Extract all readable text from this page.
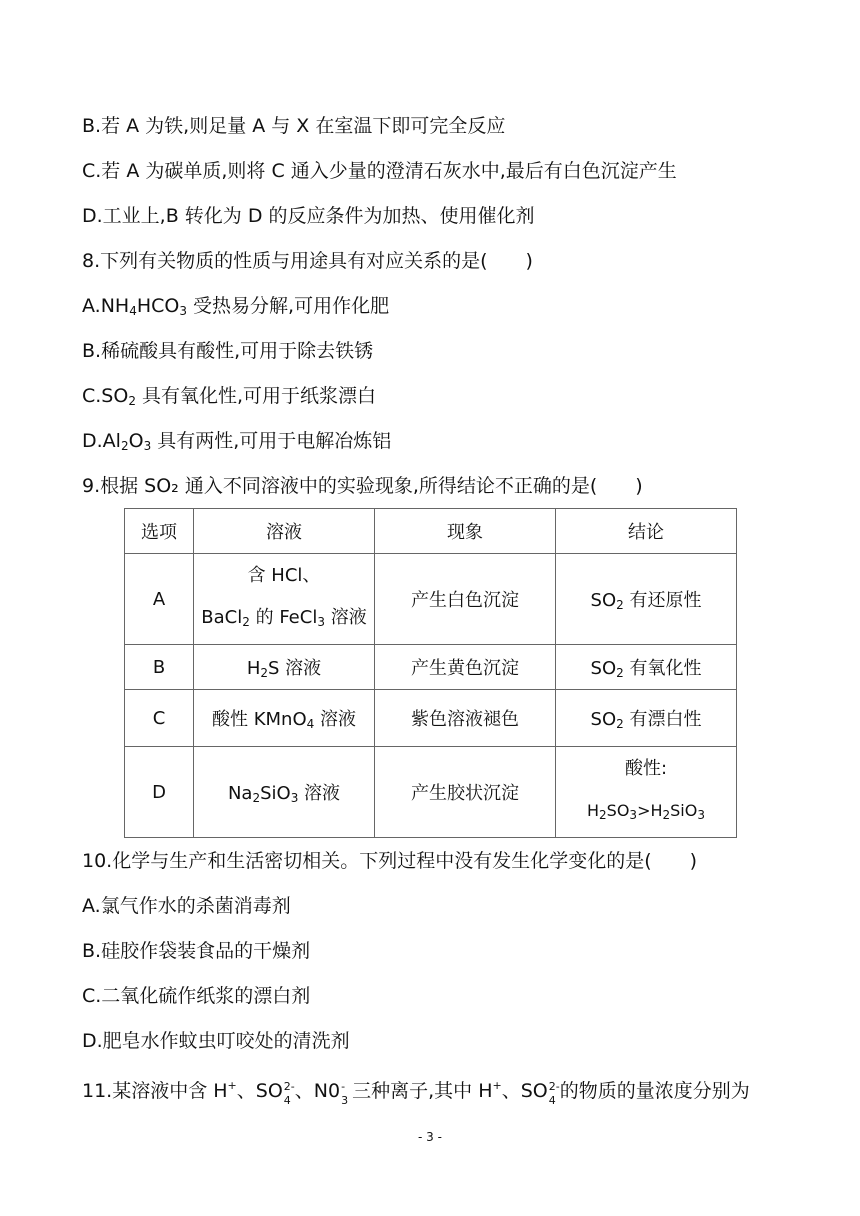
B.若 A 为铁,则足量 A 与 X 在室温下即可完全反应
C.若 A 为碳单质,则将 C 通入少量的澄清石灰水中,最后有白色沉淀产生
D.工业上,B 转化为 D 的反应条件为加热、使用催化剂
8.下列有关物质的性质与用途具有对应关系的是(　　)
$A.NH_4HCO_3$ 受热易分解,可用作化肥
B.稀硫酸具有酸性,可用于除去铁锈
$C.SO_2$ 具有氧化性,可用于纸浆漂白
$D.Al_2O_3$ 具有两性,可用于电解冶炼铝
9.根据 SO₂ 通入不同溶液中的实验现象,所得结论不正确的是(　　)
选项	溶液	现象	结论
A	含 HCl、
BaCl$_2$ 的 FeCl$_3$ 溶液	产生白色沉淀	$SO_2$ 有还原性
B	$H_2S$ 溶液	产生黄色沉淀	$SO_2$ 有氧化性
C	酸性 KMnO$_4$ 溶液	紫色溶液褪色	$SO_2$ 有漂白性
D	$Na_2SiO_3$ 溶液	产生胶状沉淀	酸性:
$H_2SO_3>H_2SiO_3$
10.化学与生产和生活密切相关。下列过程中没有发生化学变化的是(　　)
A.氯气作水的杀菌消毒剂
B.硅胶作袋装食品的干燥剂
C.二氧化硫作纸浆的漂白剂
D.肥皂水作蚊虫叮咬处的清洗剂
11.某溶液中含 H+、SO 2-
4 、N0 -
3 三种离子,其中 H+、SO 2-
4 的物质的量浓度分别为
- 3 -
